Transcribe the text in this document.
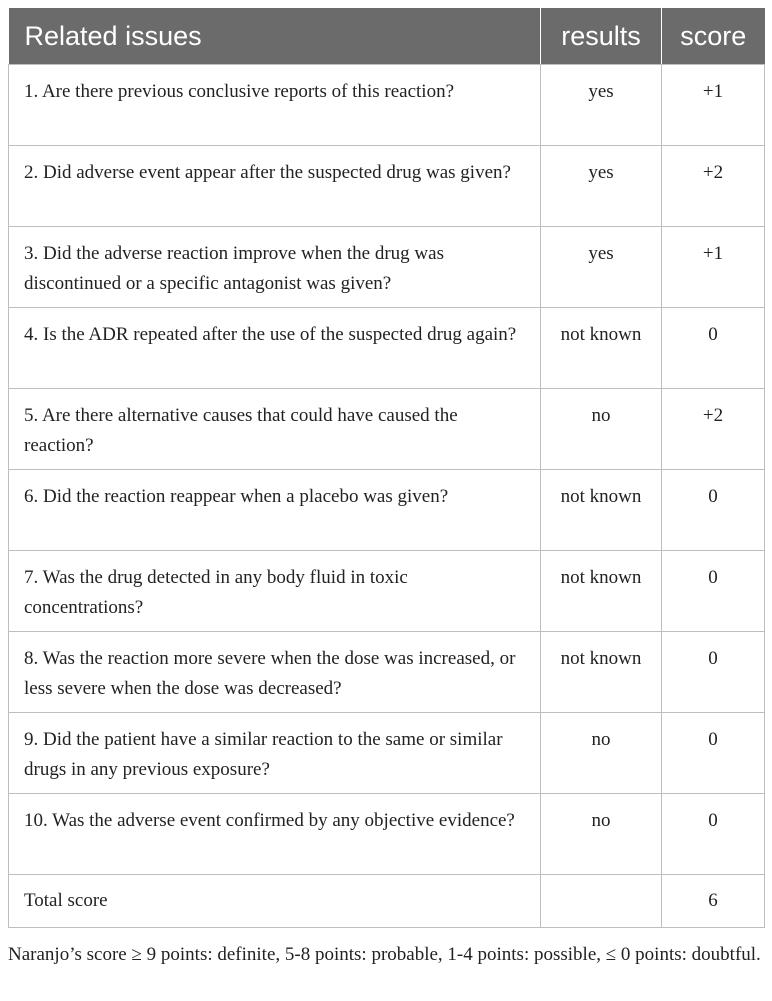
Related issues	results	score
1. Are there previous conclusive reports of this reaction?	yes	+1
2. Did adverse event appear after the suspected drug was given?	yes	+2
3. Did the adverse reaction improve when the drug was discontinued or a specific antagonist was given?	yes	+1
4. Is the ADR repeated after the use of the suspected drug again?	not known	0
5. Are there alternative causes that could have caused the reaction?	no	+2
6. Did the reaction reappear when a placebo was given?	not known	0
7. Was the drug detected in any body fluid in toxic concentrations?	not known	0
8. Was the reaction more severe when the dose was increased, or less severe when the dose was decreased?	not known	0
9. Did the patient have a similar reaction to the same or similar drugs in any previous exposure?	no	0
10. Was the adverse event confirmed by any objective evidence?	no	0
Total score		6
Naranjo’s score ≥ 9 points: definite, 5-8 points: probable, 1-4 points: possible, ≤ 0 points: doubtful.
